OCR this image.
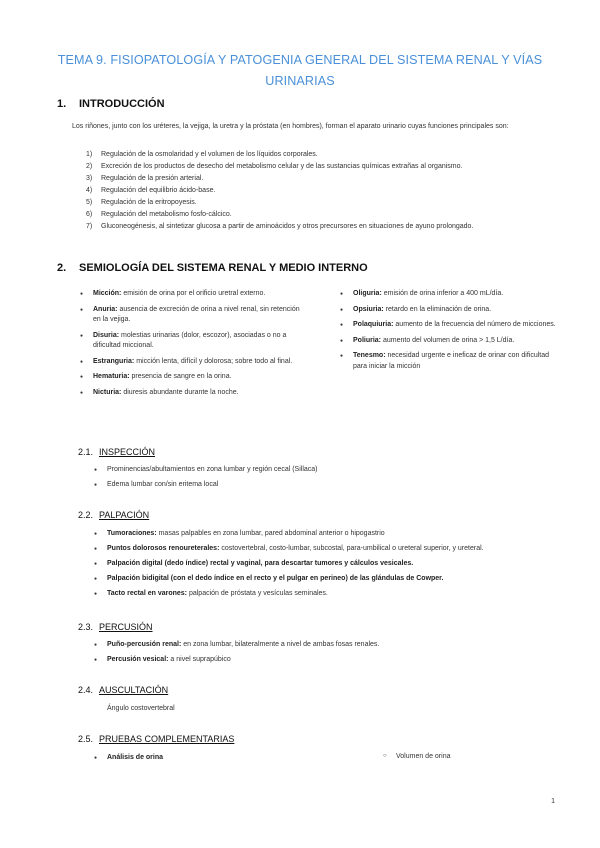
TEMA 9. FISIOPATOLOGÍA Y PATOGENIA GENERAL DEL SISTEMA RENAL Y VÍAS URINARIAS
1. INTRODUCCIÓN
Los riñones, junto con los uréteres, la vejiga, la uretra y la próstata (en hombres), forman el aparato urinario cuyas funciones principales son:
1) Regulación de la osmolaridad y el volumen de los líquidos corporales.
2) Excreción de los productos de desecho del metabolismo celular y de las sustancias químicas extrañas al organismo.
3) Regulación de la presión arterial.
4) Regulación del equilibrio ácido-base.
5) Regulación de la eritropoyesis.
6) Regulación del metabolismo fosfo-cálcico.
7) Gluconeogénesis, al sintetizar glucosa a partir de aminoácidos y otros precursores en situaciones de ayuno prolongado.
2. SEMIOLOGÍA DEL SISTEMA RENAL Y MEDIO INTERNO
● Micción: emisión de orina por el orificio uretral externo.
● Anuria: ausencia de excreción de orina a nivel renal, sin retención en la vejiga.
● Disuria: molestias urinarias (dolor, escozor), asociadas o no a dificultad miccional.
● Estranguria: micción lenta, difícil y dolorosa; sobre todo al final.
● Hematuria: presencia de sangre en la orina.
● Nicturia: diuresis abundante durante la noche.
● Oliguria: emisión de orina inferior a 400 mL/día.
● Opsiuria: retardo en la eliminación de orina.
● Polaquiuria: aumento de la frecuencia del número de micciones.
● Poliuria: aumento del volumen de orina > 1,5 L/día.
● Tenesmo: necesidad urgente e ineficaz de orinar con dificultad para iniciar la micción
2.1. INSPECCIÓN
● Prominencias/abultamientos en zona lumbar y región cecal (Sillaca)
● Edema lumbar con/sin eritema local
2.2. PALPACIÓN
● Tumoraciones: masas palpables en zona lumbar, pared abdominal anterior o hipogastrio
● Puntos dolorosos renoureterales: costovertebral, costo-lumbar, subcostal, para-umbilical o ureteral superior, y ureteral.
● Palpación digital (dedo índice) rectal y vaginal, para descartar tumores y cálculos vesicales.
● Palpación bidigital (con el dedo índice en el recto y el pulgar en perineo) de las glándulas de Cowper.
● Tacto rectal en varones: palpación de próstata y vesículas seminales.
2.3. PERCUSIÓN
● Puño-percusión renal: en zona lumbar, bilateralmente a nivel de ambas fosas renales.
● Percusión vesical: a nivel suprapúbico
2.4. AUSCULTACIÓN
Ángulo costovertebral
2.5. PRUEBAS COMPLEMENTARIAS
● Análisis de orina
○	Volumen de orina
1
